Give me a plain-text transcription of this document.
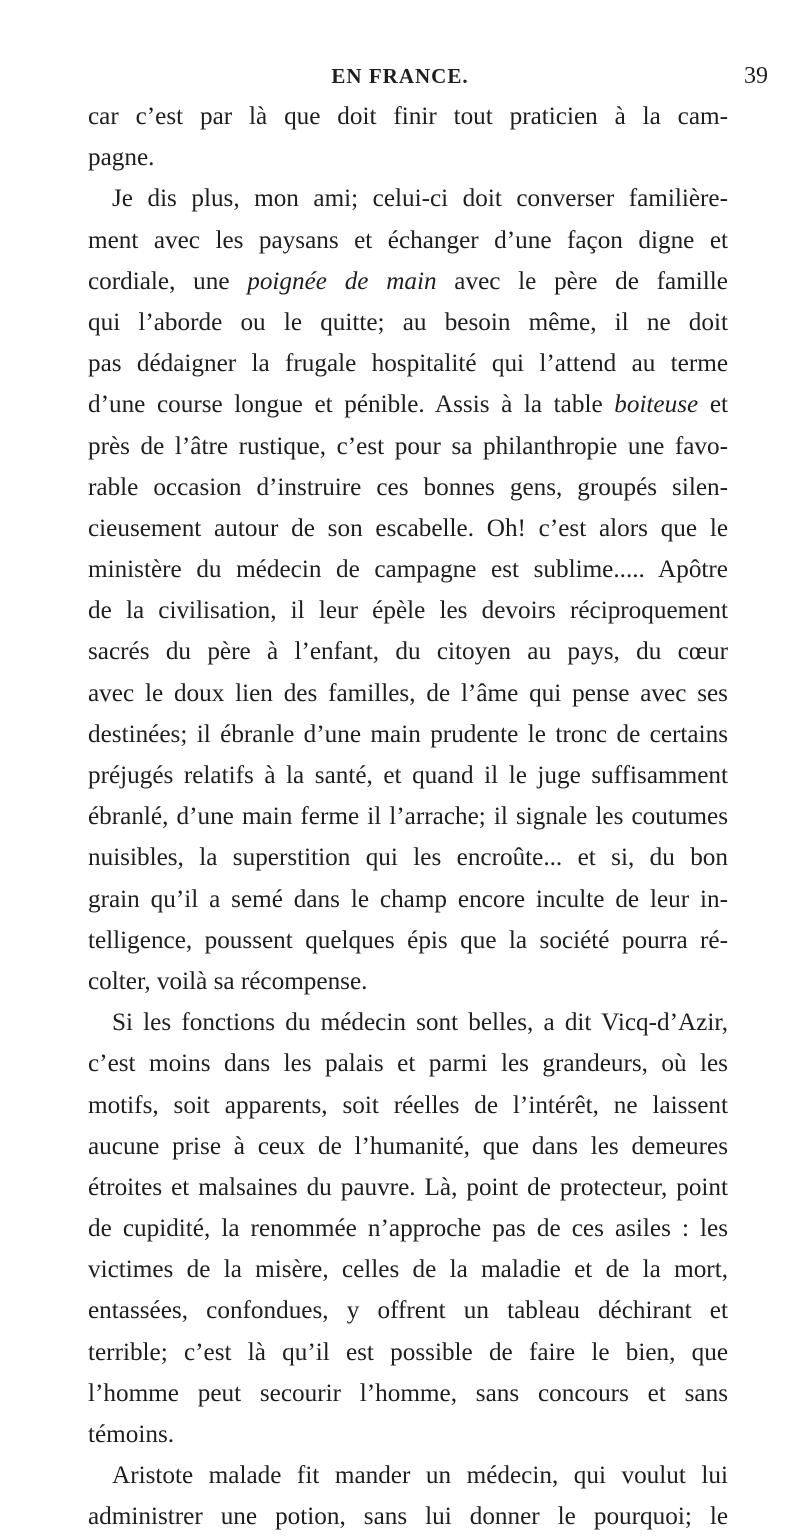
EN FRANCE.	39
car c’est par là que doit finir tout praticien à la cam-
pagne.
Je dis plus, mon ami; celui-ci doit converser familière-
ment avec les paysans et échanger d’une façon digne et
cordiale, une poignée de main avec le père de famille
qui l’aborde ou le quitte; au besoin même, il ne doit
pas dédaigner la frugale hospitalité qui l’attend au terme
d’une course longue et pénible. Assis à la table boiteuse et
près de l’âtre rustique, c’est pour sa philanthropie une favo-
rable occasion d’instruire ces bonnes gens, groupés silen-
cieusement autour de son escabelle. Oh! c’est alors que le
ministère du médecin de campagne est sublime..... Apôtre
de la civilisation, il leur épèle les devoirs réciproquement
sacrés du père à l’enfant, du citoyen au pays, du cœur
avec le doux lien des familles, de l’âme qui pense avec ses
destinées; il ébranle d’une main prudente le tronc de certains
préjugés relatifs à la santé, et quand il le juge suffisamment
ébranlé, d’une main ferme il l’arrache; il signale les coutumes
nuisibles, la superstition qui les encroûte... et si, du bon
grain qu’il a semé dans le champ encore inculte de leur in-
telligence, poussent quelques épis que la société pourra ré-
colter, voilà sa récompense.
Si les fonctions du médecin sont belles, a dit Vicq-d’Azir,
c’est moins dans les palais et parmi les grandeurs, où les
motifs, soit apparents, soit réelles de l’intérêt, ne laissent
aucune prise à ceux de l’humanité, que dans les demeures
étroites et malsaines du pauvre. Là, point de protecteur, point
de cupidité, la renommée n’approche pas de ces asiles : les
victimes de la misère, celles de la maladie et de la mort,
entassées, confondues, y offrent un tableau déchirant et
terrible; c’est là qu’il est possible de faire le bien, que
l’homme peut secourir l’homme, sans concours et sans
témoins.
Aristote malade fit mander un médecin, qui voulut lui
administrer une potion, sans lui donner le pourquoi; le
